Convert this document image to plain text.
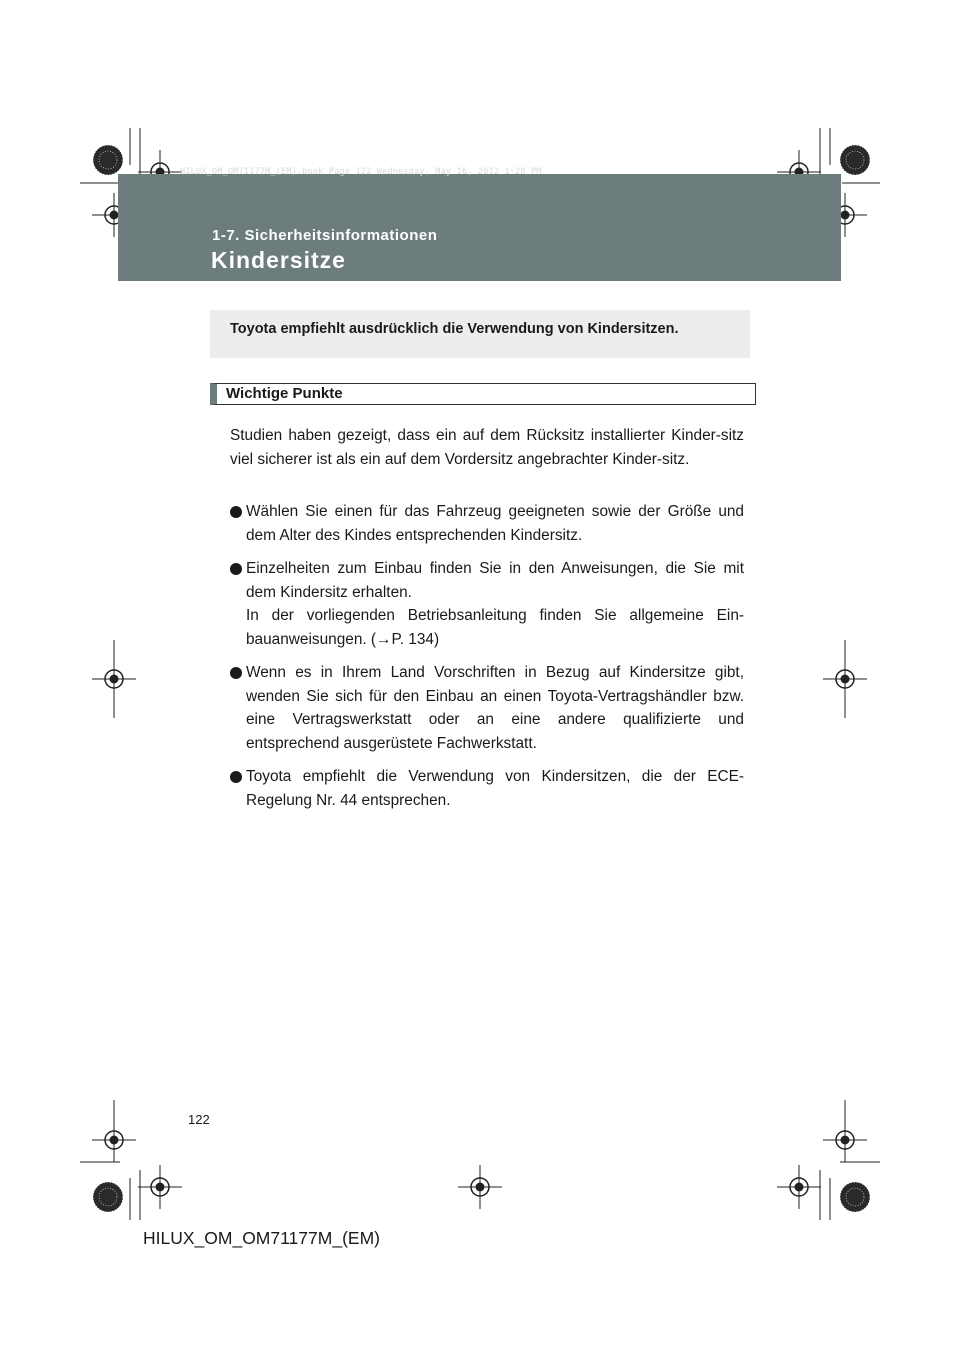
HILUX_OM_OM71177M_(EM).book Page 122 Wednesday, May 16, 2012 1:28 PM
1-7. Sicherheitsinformationen
Kindersitze
Toyota empfiehlt ausdrücklich die Verwendung von Kindersitzen.
Wichtige Punkte

Studien haben gezeigt, dass ein auf dem Rücksitz installierter Kinder-sitz viel sicherer ist als ein auf dem Vordersitz angebrachter Kinder-sitz.

Wählen Sie einen für das Fahrzeug geeigneten sowie der Größe und dem Alter des Kindes entsprechenden Kindersitz.
Einzelheiten zum Einbau finden Sie in den Anweisungen, die Sie mit dem Kindersitz erhalten.
In der vorliegenden Betriebsanleitung finden Sie allgemeine Ein-bauanweisungen. (→P. 134)
Wenn es in Ihrem Land Vorschriften in Bezug auf Kindersitze gibt, wenden Sie sich für den Einbau an einen Toyota-Vertragshändler bzw. eine Vertragswerkstatt oder an eine andere qualifizierte und entsprechend ausgerüstete Fachwerkstatt.
Toyota empfiehlt die Verwendung von Kindersitzen, die der ECE-Regelung Nr. 44 entsprechen.
122
HILUX_OM_OM71177M_(EM)
